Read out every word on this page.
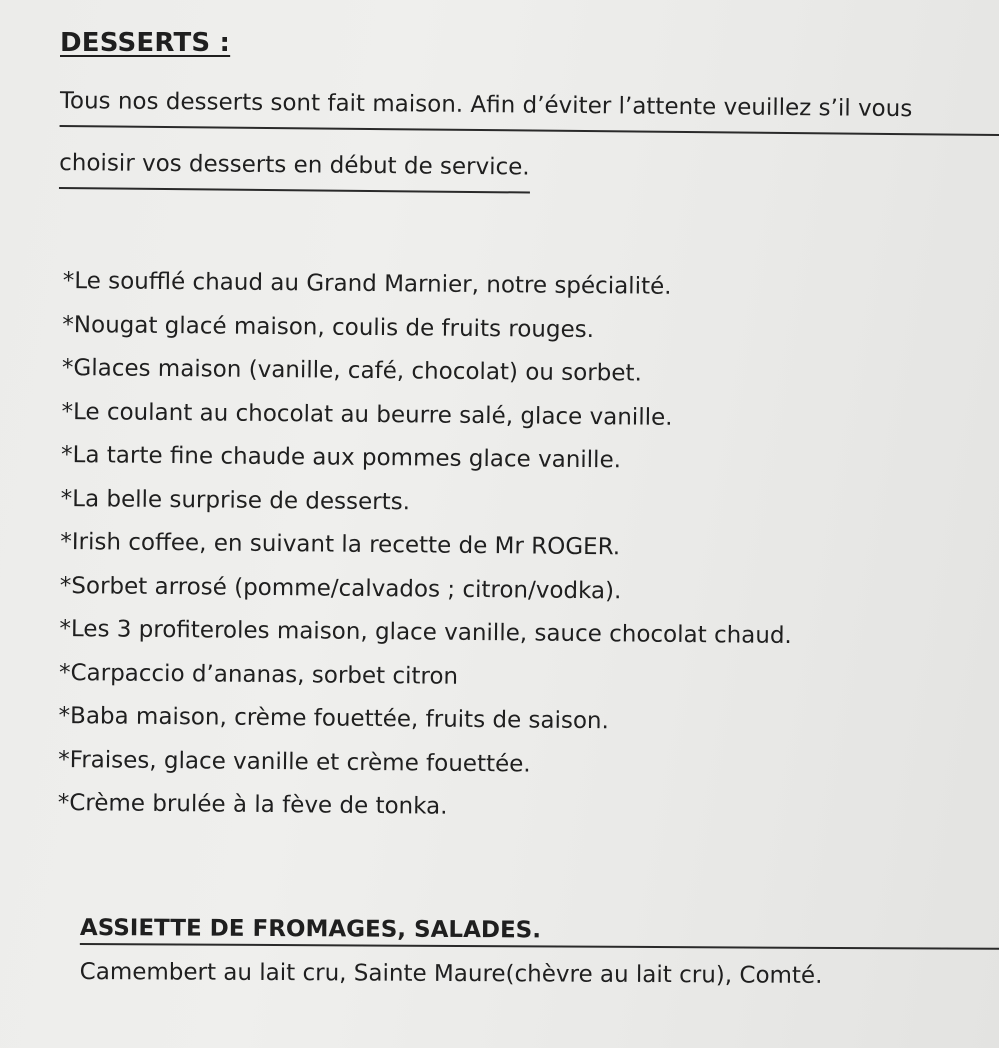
DESSERTS :
Tous nos desserts sont fait maison. Afin d’éviter l’attente veuillez s’il vous
choisir vos desserts en début de service.
*Le soufflé chaud au Grand Marnier, notre spécialité.
*Nougat glacé maison, coulis de fruits rouges.
*Glaces maison (vanille, café, chocolat) ou sorbet.
*Le coulant au chocolat au beurre salé, glace vanille.
*La tarte fine chaude aux pommes glace vanille.
*La belle surprise de desserts.
*Irish coffee, en suivant la recette de Mr ROGER.
*Sorbet arrosé (pomme/calvados ; citron/vodka).
*Les 3 profiteroles maison, glace vanille, sauce chocolat chaud.
*Carpaccio d’ananas, sorbet citron
*Baba maison, crème fouettée, fruits de saison.
*Fraises, glace vanille et crème fouettée.
*Crème brulée à la fève de tonka.
ASSIETTE DE FROMAGES, SALADES.
Camembert au lait cru, Sainte Maure(chèvre au lait cru), Comté.
